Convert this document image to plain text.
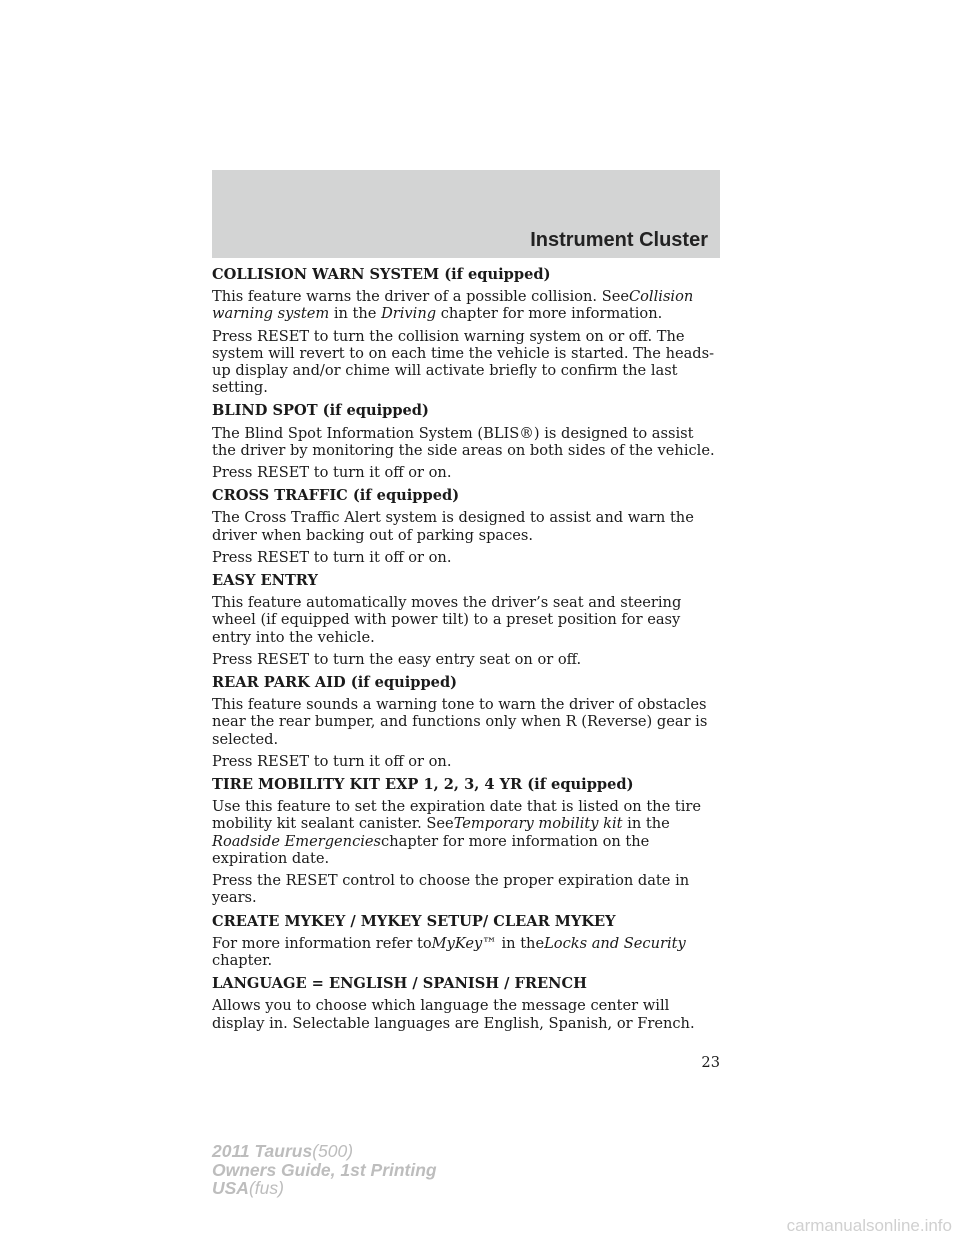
Instrument Cluster
COLLISION WARN SYSTEM (if equipped)

This feature warns the driver of a possible collision. SeeCollision warning system in the Driving chapter for more information.

Press RESET to turn the collision warning system on or off. The system will revert to on each time the vehicle is started. The heads-up display and/or chime will activate briefly to confirm the last setting.

BLIND SPOT (if equipped)

The Blind Spot Information System (BLIS®) is designed to assist the driver by monitoring the side areas on both sides of the vehicle.

Press RESET to turn it off or on.

CROSS TRAFFIC (if equipped)

The Cross Traffic Alert system is designed to assist and warn the driver when backing out of parking spaces.

Press RESET to turn it off or on.

EASY ENTRY

This feature automatically moves the driver’s seat and steering wheel (if equipped with power tilt) to a preset position for easy entry into the vehicle.

Press RESET to turn the easy entry seat on or off.

REAR PARK AID (if equipped)

This feature sounds a warning tone to warn the driver of obstacles near the rear bumper, and functions only when R (Reverse) gear is selected.

Press RESET to turn it off or on.

TIRE MOBILITY KIT EXP 1, 2, 3, 4 YR (if equipped)

Use this feature to set the expiration date that is listed on the tire mobility kit sealant canister. SeeTemporary mobility kit in the Roadside Emergencieschapter for more information on the expiration date.

Press the RESET control to choose the proper expiration date in years.

CREATE MYKEY / MYKEY SETUP/ CLEAR MYKEY

For more information refer toMyKey™ in theLocks and Security chapter.

LANGUAGE = ENGLISH / SPANISH / FRENCH

Allows you to choose which language the message center will display in. Selectable languages are English, Spanish, or French.

23
2011 Taurus(500)
Owners Guide, 1st Printing
USA(fus)
carmanualsonline.info
